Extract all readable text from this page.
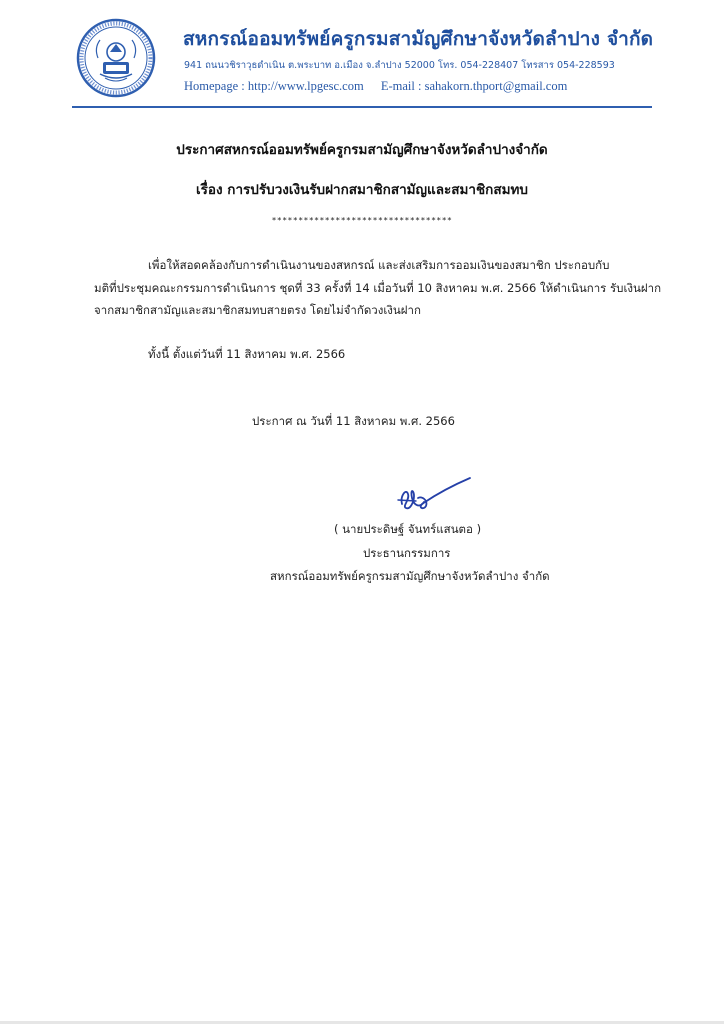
สหกรณ์ออมทรัพย์ครูกรมสามัญศึกษาจังหวัดลำปาง จำกัด
941 ถนนวชิราวุธดำเนิน ต.พระบาท อ.เมือง จ.ลำปาง 52000 โทร. 054-228407 โทรสาร 054-228593
Homepage : http://www.lpgesc.com E-mail : sahakorn.thport@gmail.com
ประกาศสหกรณ์ออมทรัพย์ครูกรมสามัญศึกษาจังหวัดลำปางจำกัด
เรื่อง การปรับวงเงินรับฝากสมาชิกสามัญและสมาชิกสมทบ
**********************************
เพื่อให้สอดคล้องกับการดำเนินงานของสหกรณ์ และส่งเสริมการออมเงินของสมาชิก ประกอบกับ
มติที่ประชุมคณะกรรมการดำเนินการ ชุดที่ 33 ครั้งที่ 14 เมื่อวันที่ 10 สิงหาคม พ.ศ. 2566 ให้ดำเนินการ รับเงินฝาก
จากสมาชิกสามัญและสมาชิกสมทบสายตรง โดยไม่จำกัดวงเงินฝาก
ทั้งนี้ ตั้งแต่วันที่ 11 สิงหาคม พ.ศ. 2566
ประกาศ ณ วันที่ 11 สิงหาคม พ.ศ. 2566
( นายประดิษฐ์ จันทร์แสนตอ )
ประธานกรรมการ
สหกรณ์ออมทรัพย์ครูกรมสามัญศึกษาจังหวัดลำปาง จำกัด
